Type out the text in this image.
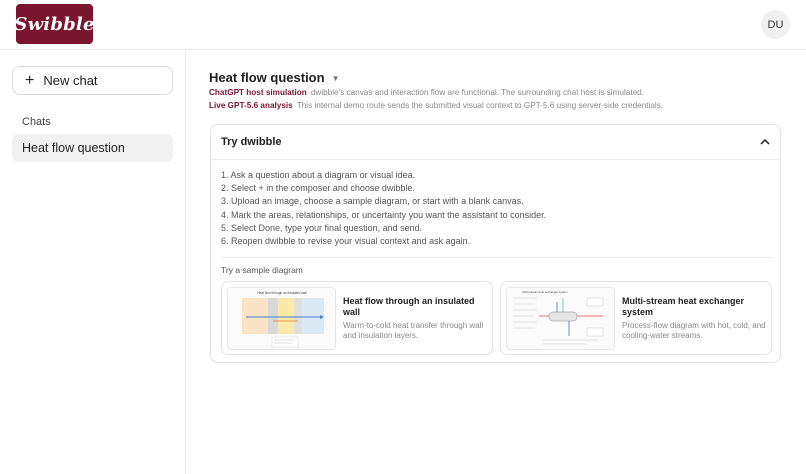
Swibble	DU
+ New chat
Chats
Heat flow question
Heat flow question ▼
ChatGPT host simulation dwibble's canvas and interaction flow are functional. The surrounding chat host is simulated.
Live GPT-5.6 analysis This internal demo route sends the submitted visual context to GPT-5.6 using server-side credentials.
Try dwibble
1. Ask a question about a diagram or visual idea.
2. Select + in the composer and choose dwibble.
3. Upload an image, choose a sample diagram, or start with a blank canvas.
4. Mark the areas, relationships, or uncertainty you want the assistant to consider.
5. Select Done, type your final question, and send.
6. Reopen dwibble to revise your visual context and ask again.
Try a sample diagram
Heat flow through an insulated wall
Heat flow through an insulated wall
Warm-to-cold heat transfer through wall and insulation layers.
Multi-stream heat exchanger system
Multi-stream heat exchanger system
Process-flow diagram with hot, cold, and cooling-water streams.
